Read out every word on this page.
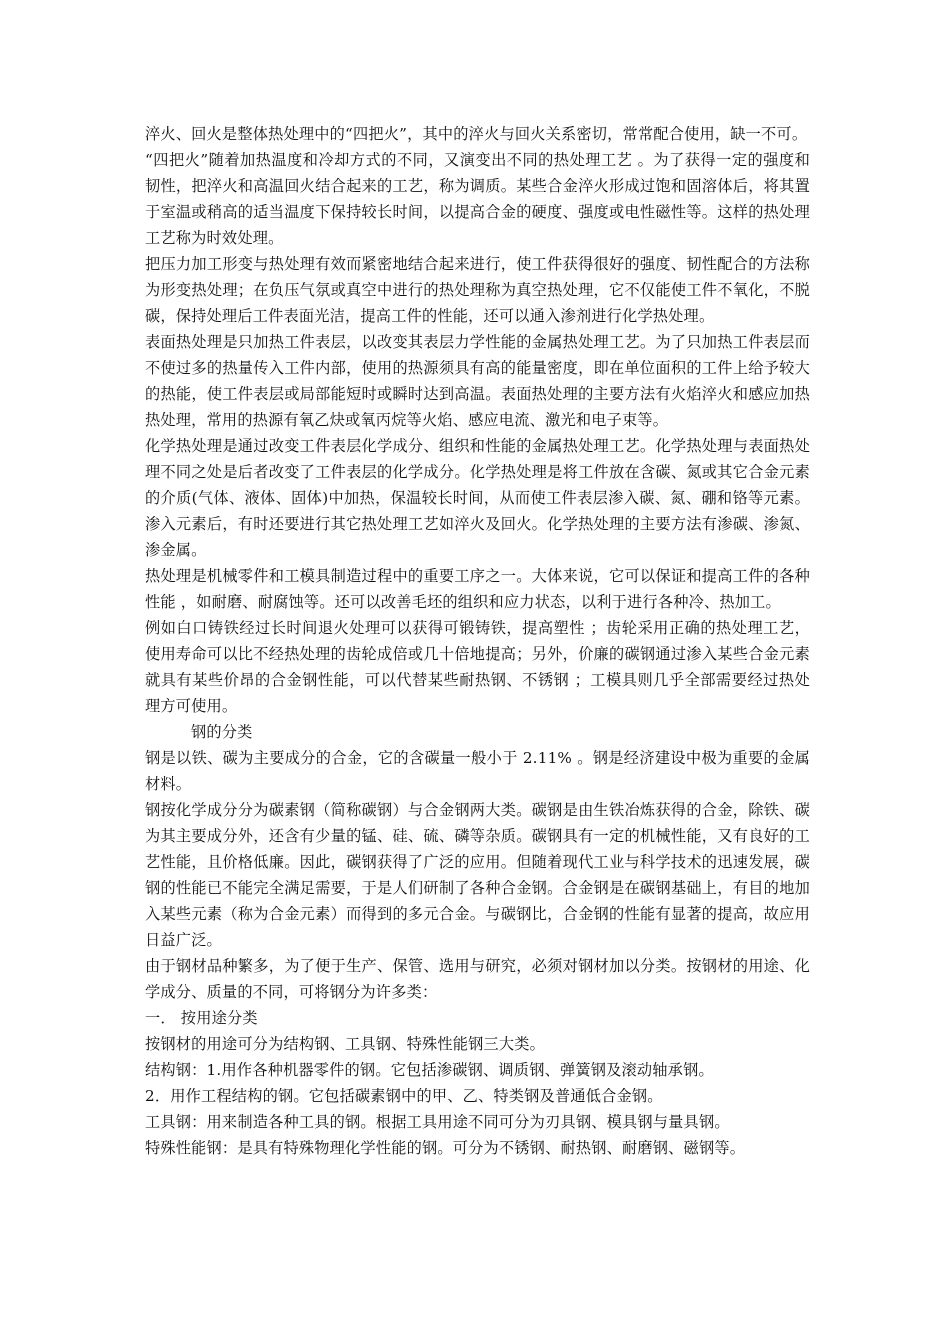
淬火、回火是整体热处理中的“四把火”，其中的淬火与回火关系密切，常常配合使用，缺一不可。

“四把火”随着加热温度和冷却方式的不同，又演变出不同的热处理工艺 。为了获得一定的强度和韧性，把淬火和高温回火结合起来的工艺，称为调质。某些合金淬火形成过饱和固溶体后，将其置于室温或稍高的适当温度下保持较长时间，以提高合金的硬度、强度或电性磁性等。这样的热处理工艺称为时效处理。

把压力加工形变与热处理有效而紧密地结合起来进行，使工件获得很好的强度、韧性配合的方法称为形变热处理；在负压气氛或真空中进行的热处理称为真空热处理，它不仅能使工件不氧化，不脱碳，保持处理后工件表面光洁，提高工件的性能，还可以通入渗剂进行化学热处理。

表面热处理是只加热工件表层，以改变其表层力学性能的金属热处理工艺。为了只加热工件表层而不使过多的热量传入工件内部，使用的热源须具有高的能量密度，即在单位面积的工件上给予较大的热能，使工件表层或局部能短时或瞬时达到高温。表面热处理的主要方法有火焰淬火和感应加热热处理，常用的热源有氧乙炔或氧丙烷等火焰、感应电流、激光和电子束等。

化学热处理是通过改变工件表层化学成分、组织和性能的金属热处理工艺。化学热处理与表面热处理不同之处是后者改变了工件表层的化学成分。化学热处理是将工件放在含碳、氮或其它合金元素的介质(气体、液体、固体)中加热，保温较长时间，从而使工件表层渗入碳、氮、硼和铬等元素。渗入元素后，有时还要进行其它热处理工艺如淬火及回火。化学热处理的主要方法有渗碳、渗氮、渗金属。

热处理是机械零件和工模具制造过程中的重要工序之一。大体来说，它可以保证和提高工件的各种性能 ，如耐磨、耐腐蚀等。还可以改善毛坯的组织和应力状态，以利于进行各种冷、热加工。

例如白口铸铁经过长时间退火处理可以获得可锻铸铁，提高塑性 ；齿轮采用正确的热处理工艺，使用寿命可以比不经热处理的齿轮成倍或几十倍地提高；另外，价廉的碳钢通过渗入某些合金元素就具有某些价昂的合金钢性能，可以代替某些耐热钢、不锈钢 ；工模具则几乎全部需要经过热处理方可使用。

钢的分类

钢是以铁、碳为主要成分的合金，它的含碳量一般小于 2.11% 。钢是经济建设中极为重要的金属材料。

钢按化学成分分为碳素钢（简称碳钢）与合金钢两大类。碳钢是由生铁冶炼获得的合金，除铁、碳为其主要成分外，还含有少量的锰、硅、硫、磷等杂质。碳钢具有一定的机械性能，又有良好的工艺性能，且价格低廉。因此，碳钢获得了广泛的应用。但随着现代工业与科学技术的迅速发展，碳钢的性能已不能完全满足需要，于是人们研制了各种合金钢。合金钢是在碳钢基础上，有目的地加入某些元素（称为合金元素）而得到的多元合金。与碳钢比，合金钢的性能有显著的提高，故应用日益广泛。

由于钢材品种繁多，为了便于生产、保管、选用与研究，必须对钢材加以分类。按钢材的用途、化学成分、质量的不同，可将钢分为许多类：

一． 按用途分类

按钢材的用途可分为结构钢、工具钢、特殊性能钢三大类。

结构钢：1.用作各种机器零件的钢。它包括渗碳钢、调质钢、弹簧钢及滚动轴承钢。

2．用作工程结构的钢。它包括碳素钢中的甲、乙、特类钢及普通低合金钢。

工具钢：用来制造各种工具的钢。根据工具用途不同可分为刃具钢、模具钢与量具钢。

特殊性能钢：是具有特殊物理化学性能的钢。可分为不锈钢、耐热钢、耐磨钢、磁钢等。
